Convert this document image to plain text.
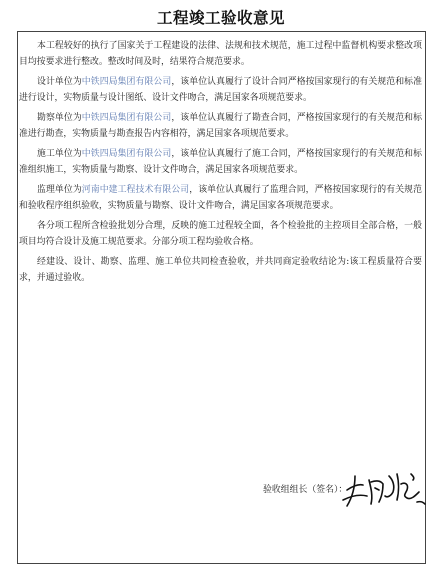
工程竣工验收意见

本工程较好的执行了国家关于工程建设的法律、法规和技术规范，施工过程中监督机构要求整改项目均按要求进行整改。整改时间及时，结果符合规范要求。

设计单位为中铁四局集团有限公司，该单位认真履行了设计合同严格按国家现行的有关规范和标准进行设计，实物质量与设计图纸、设计文件吻合，满足国家各项规范要求。

勘察单位为中铁四局集团有限公司，该单位认真履行了勘查合同，严格按国家现行的有关规范和标准进行勘查，实物质量与勘查报告内容相符，满足国家各项规范要求。

施工单位为中铁四局集团有限公司，该单位认真履行了施工合同，严格按国家现行的有关规范和标准组织施工，实物质量与勘察、设计文件吻合，满足国家各项规范要求。

监理单位为河南中建工程技术有限公司，该单位认真履行了监理合同，严格按国家现行的有关规范和验收程序组织验收，实物质量与勘察、设计文件吻合，满足国家各项规范要求。

各分项工程所含检验批划分合理，反映的施工过程较全面，各个检验批的主控项目全部合格，一般项目均符合设计及施工规范要求。分部分项工程均验收合格。

经建设、设计、勘察、监理、施工单位共同检查验收，并共同商定验收结论为:该工程质量符合要求，并通过验收。

验收组组长（签名）：
